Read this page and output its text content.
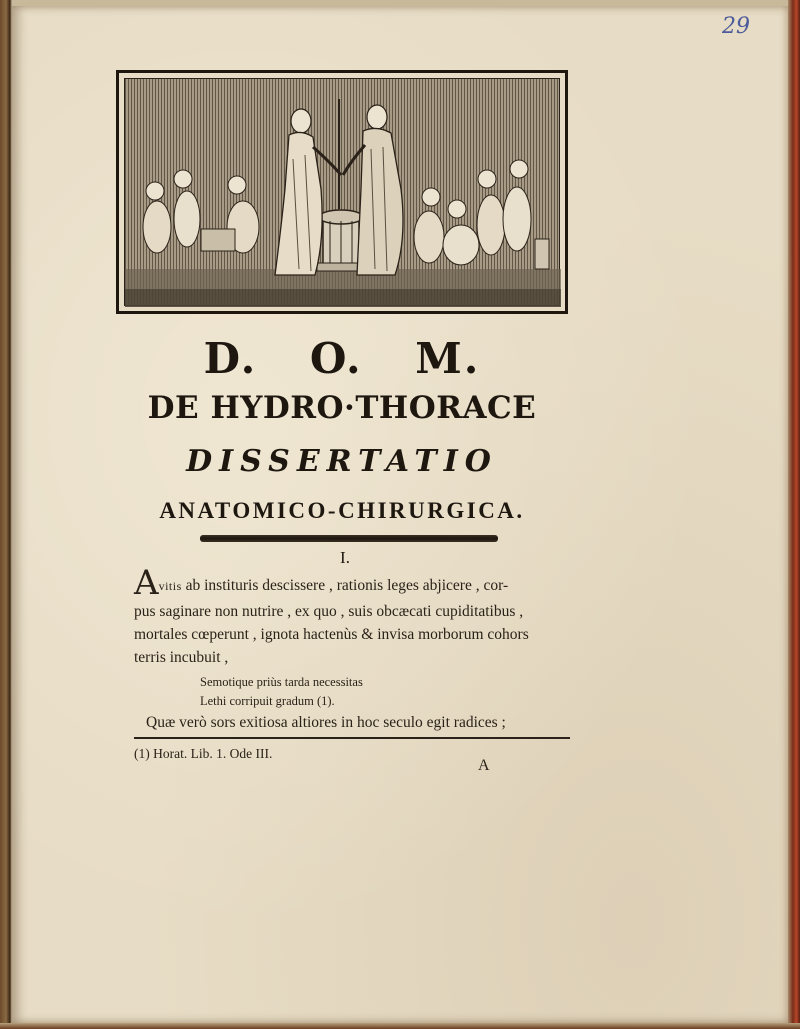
29
D. O. M.
DE HYDRO·THORACE
DISSERTATIO
ANATOMICO-CHIRURGICA.
I.
Avitis ab instituris descissere , rationis leges abjicere , cor-
pus saginare non nutrire , ex quo , suis obcæcati cupiditatibus ,
mortales cœperunt , ignota hactenùs & invisa morborum cohors
terris incubuit ,
Semotique priùs tarda necessitas
Lethi corripuit gradum (1).
Quæ verò sors exitiosa altiores in hoc seculo egit radices ;
(1) Horat. Lib. 1. Ode III.
A
